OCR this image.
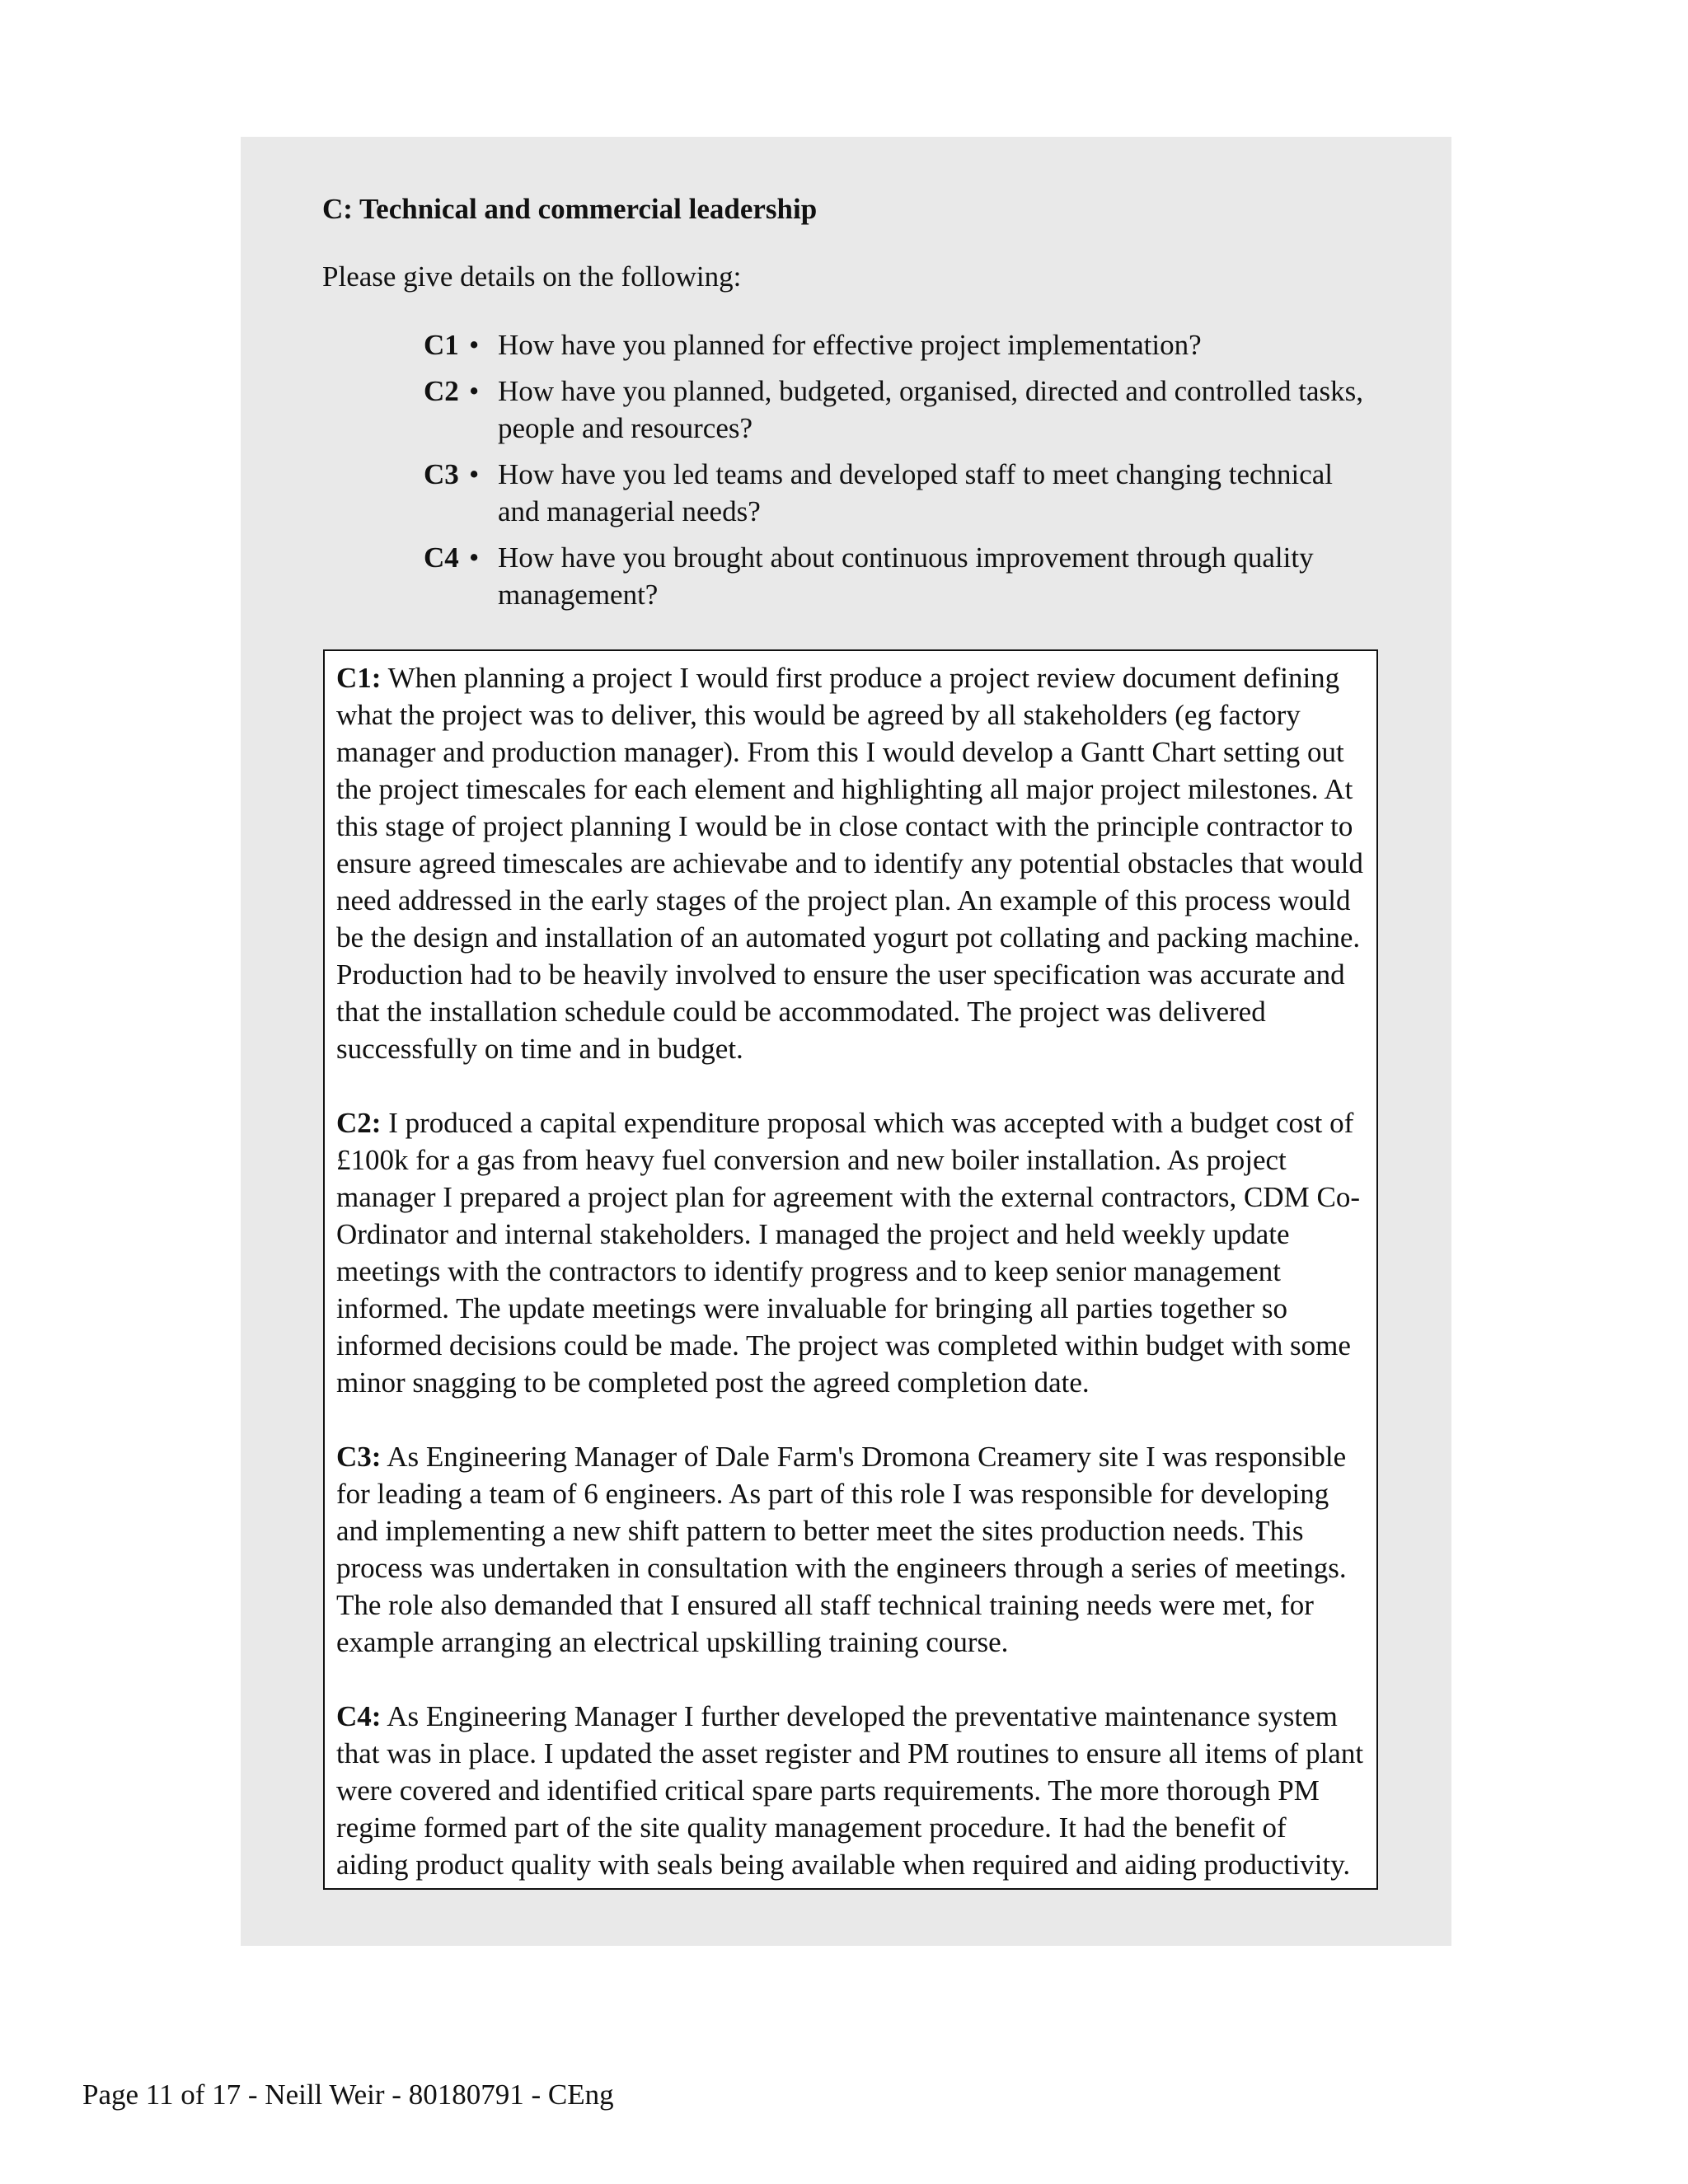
C: Technical and commercial leadership

Please give details on the following:

C1 • How have you planned for effective project implementation?
C2 • How have you planned, budgeted, organised, directed and controlled tasks, people and resources?
C3 • How have you led teams and developed staff to meet changing technical and managerial needs?
C4 • How have you brought about continuous improvement through quality management?

C1: When planning a project I would first produce a project review document defining what the project was to deliver, this would be agreed by all stakeholders (eg factory manager and production manager). From this I would develop a Gantt Chart setting out the project timescales for each element and highlighting all major project milestones. At this stage of project planning I would be in close contact with the principle contractor to ensure agreed timescales are achievabe and to identify any potential obstacles that would need addressed in the early stages of the project plan. An example of this process would be the design and installation of an automated yogurt pot collating and packing machine. Production had to be heavily involved to ensure the user specification was accurate and that the installation schedule could be accommodated. The project was delivered successfully on time and in budget.

C2: I produced a capital expenditure proposal which was accepted with a budget cost of £100k for a gas from heavy fuel conversion and new boiler installation. As project manager I prepared a project plan for agreement with the external contractors, CDM Co-Ordinator and internal stakeholders. I managed the project and held weekly update meetings with the contractors to identify progress and to keep senior management informed. The update meetings were invaluable for bringing all parties together so informed decisions could be made. The project was completed within budget with some minor snagging to be completed post the agreed completion date.

C3: As Engineering Manager of Dale Farm's Dromona Creamery site I was responsible for leading a team of 6 engineers. As part of this role I was responsible for developing and implementing a new shift pattern to better meet the sites production needs. This process was undertaken in consultation with the engineers through a series of meetings. The role also demanded that I ensured all staff technical training needs were met, for example arranging an electrical upskilling training course.

C4: As Engineering Manager I further developed the preventative maintenance system that was in place. I updated the asset register and PM routines to ensure all items of plant were covered and identified critical spare parts requirements. The more thorough PM regime formed part of the site quality management procedure. It had the benefit of aiding product quality with seals being available when required and aiding productivity.

Page 11 of 17 - Neill Weir - 80180791 - CEng
